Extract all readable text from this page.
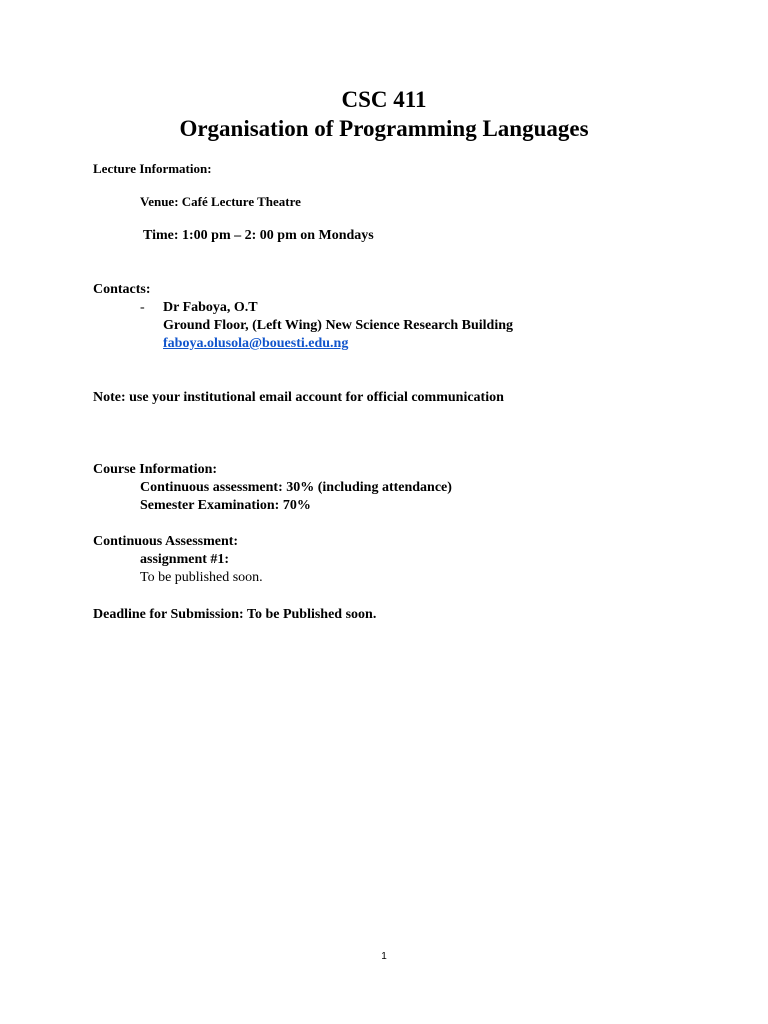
CSC 411
Organisation of Programming Languages
Lecture Information:
Venue: Café Lecture Theatre
Time: 1:00 pm – 2: 00 pm on Mondays
Contacts:
- Dr Faboya, O.T
Ground Floor, (Left Wing) New Science Research Building
faboya.olusola@bouesti.edu.ng
Note: use your institutional email account for official communication
Course Information:
Continuous assessment: 30% (including attendance)
Semester Examination: 70%
Continuous Assessment:
assignment #1:
To be published soon.
Deadline for Submission: To be Published soon.
1
